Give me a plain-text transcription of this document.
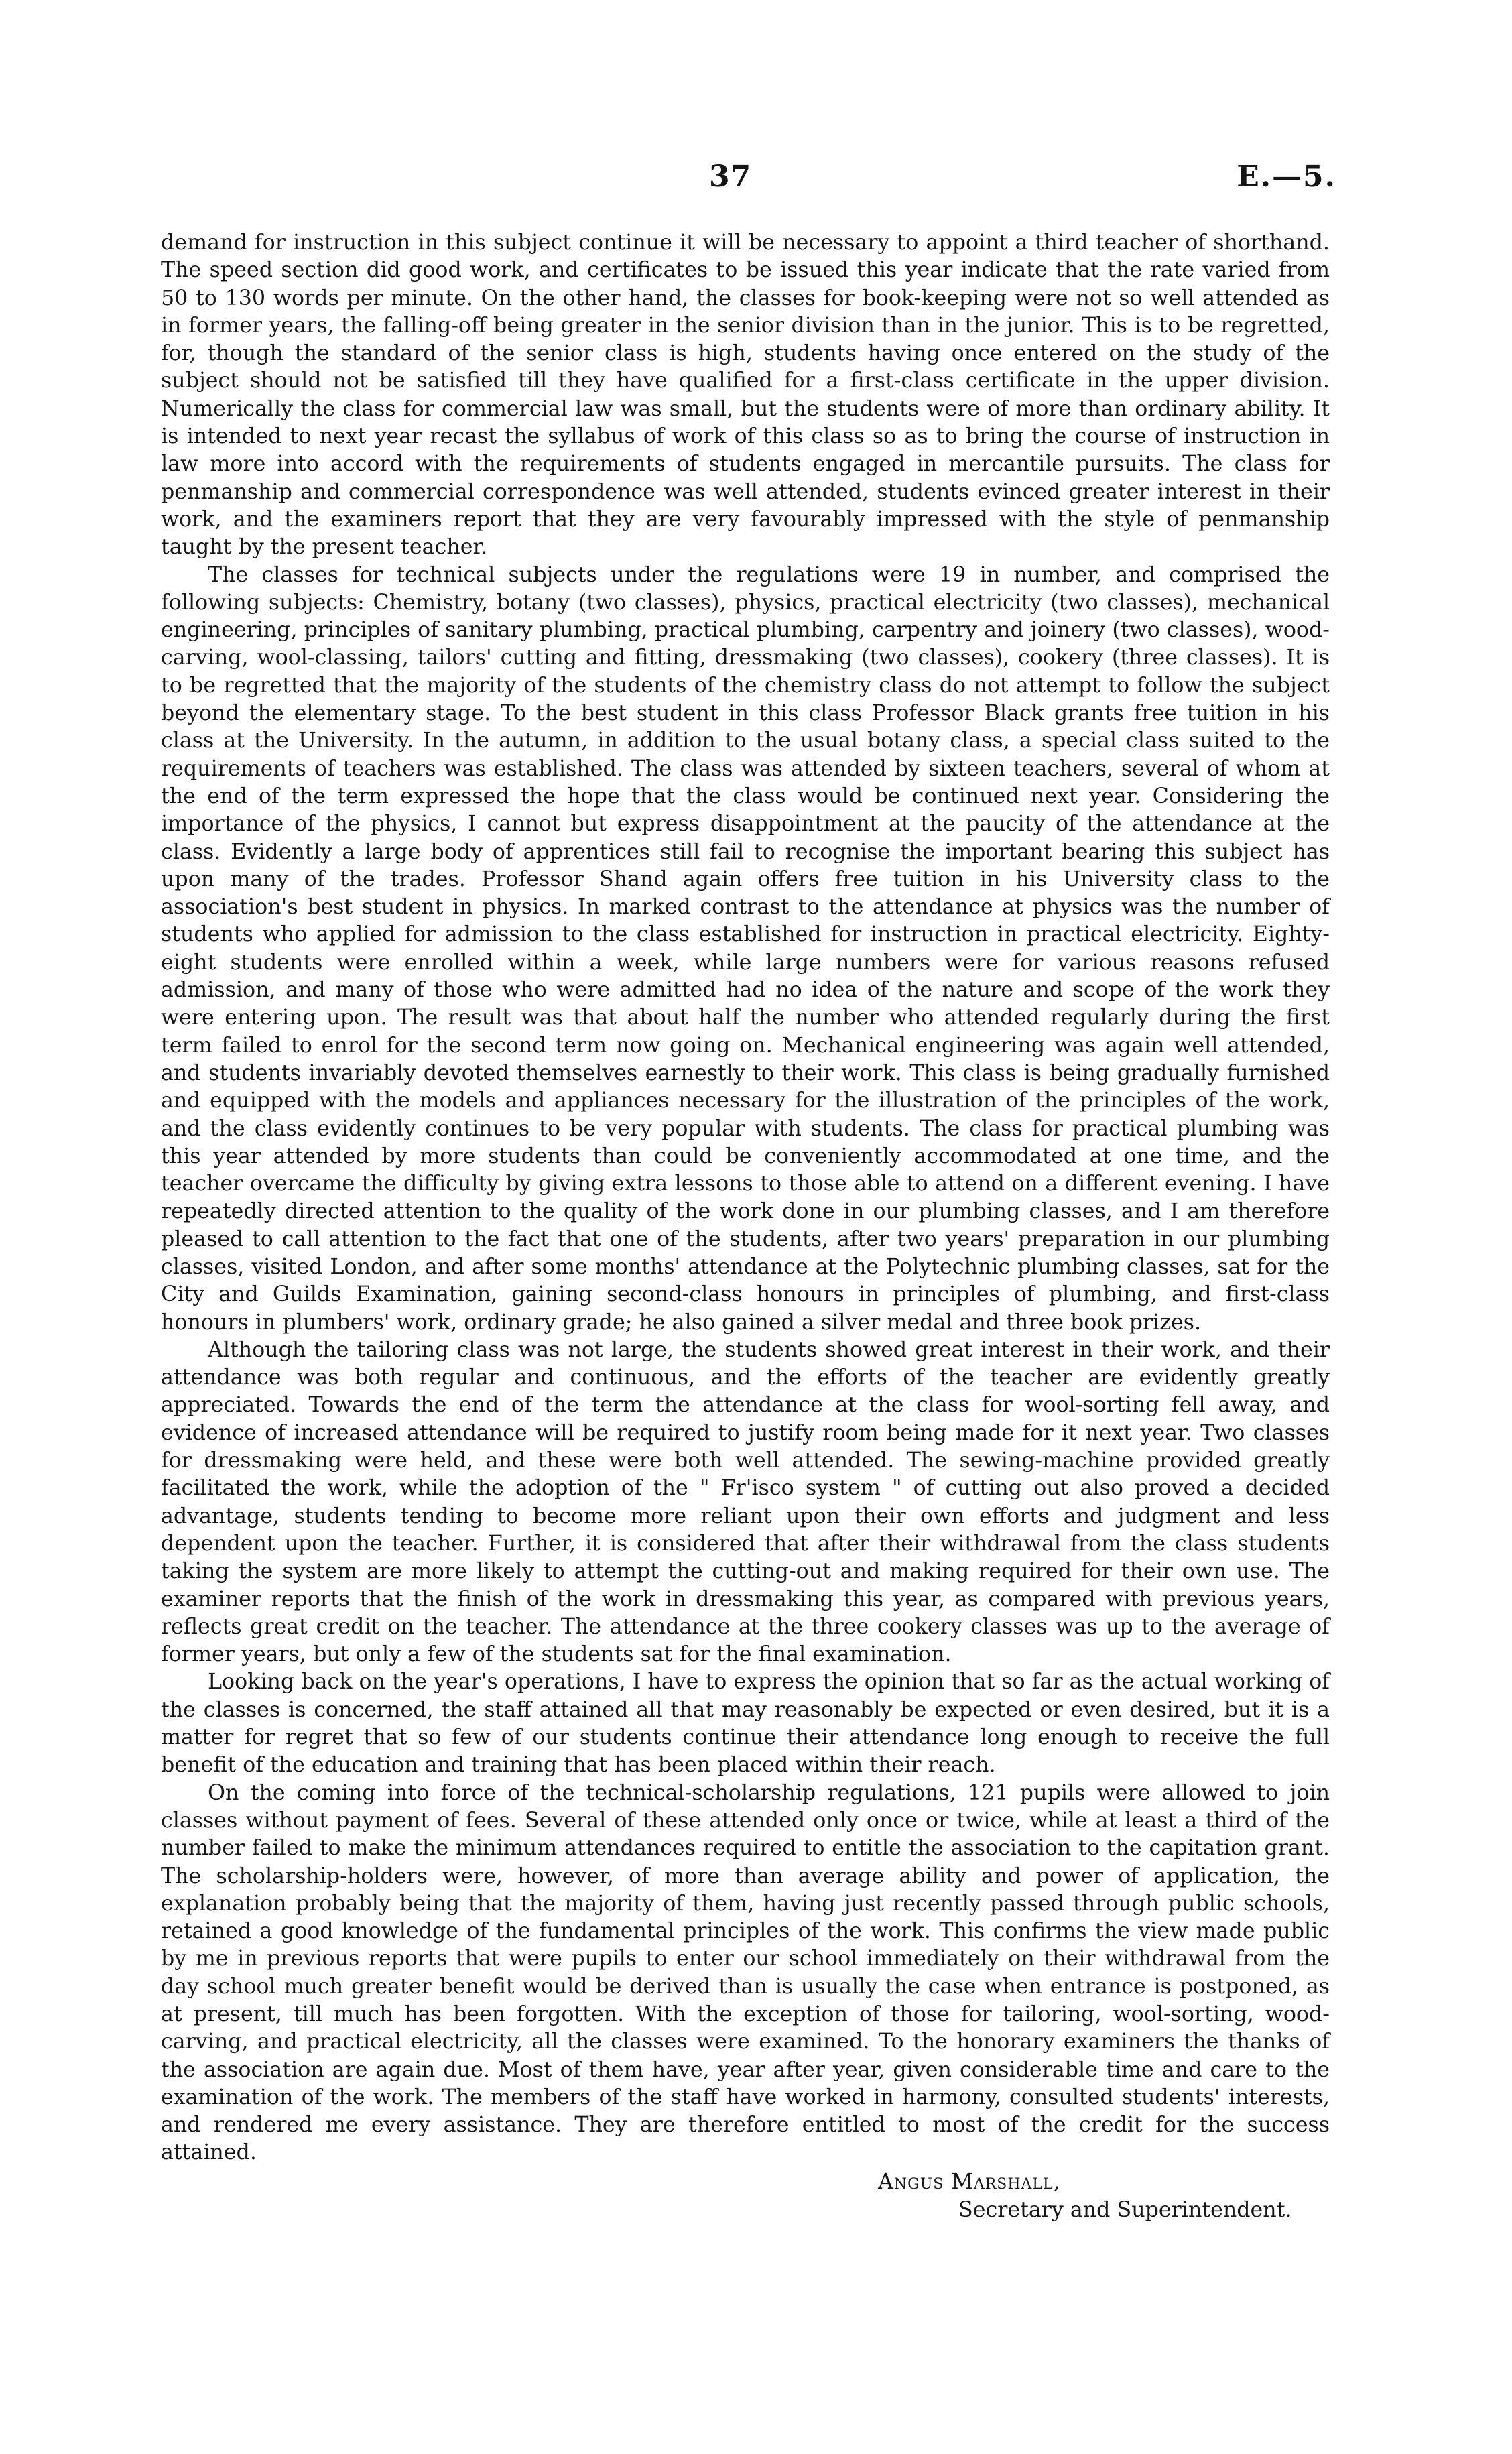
37	E.—5.

demand for instruction in this subject continue it will be necessary to appoint a third teacher of shorthand. The speed section did good work, and certificates to be issued this year indicate that the rate varied from 50 to 130 words per minute. On the other hand, the classes for book-keeping were not so well attended as in former years, the falling-off being greater in the senior division than in the junior. This is to be regretted, for, though the standard of the senior class is high, students having once entered on the study of the subject should not be satisfied till they have qualified for a first-class certificate in the upper division. Numerically the class for commercial law was small, but the students were of more than ordinary ability. It is intended to next year recast the syllabus of work of this class so as to bring the course of instruction in law more into accord with the requirements of students engaged in mercantile pursuits. The class for penmanship and commercial correspondence was well attended, students evinced greater interest in their work, and the examiners report that they are very favourably impressed with the style of penmanship taught by the present teacher.

The classes for technical subjects under the regulations were 19 in number, and comprised the following subjects: Chemistry, botany (two classes), physics, practical electricity (two classes), mechanical engineering, principles of sanitary plumbing, practical plumbing, carpentry and joinery (two classes), wood-carving, wool-classing, tailors' cutting and fitting, dressmaking (two classes), cookery (three classes). It is to be regretted that the majority of the students of the chemistry class do not attempt to follow the subject beyond the elementary stage. To the best student in this class Professor Black grants free tuition in his class at the University. In the autumn, in addition to the usual botany class, a special class suited to the requirements of teachers was established. The class was attended by sixteen teachers, several of whom at the end of the term expressed the hope that the class would be continued next year. Considering the importance of the physics, I cannot but express disappointment at the paucity of the attendance at the class. Evidently a large body of apprentices still fail to recognise the important bearing this subject has upon many of the trades. Professor Shand again offers free tuition in his University class to the association's best student in physics. In marked contrast to the attendance at physics was the number of students who applied for admission to the class established for instruction in practical electricity. Eighty-eight students were enrolled within a week, while large numbers were for various reasons refused admission, and many of those who were admitted had no idea of the nature and scope of the work they were entering upon. The result was that about half the number who attended regularly during the first term failed to enrol for the second term now going on. Mechanical engineering was again well attended, and students invariably devoted themselves earnestly to their work. This class is being gradually furnished and equipped with the models and appliances necessary for the illustration of the principles of the work, and the class evidently continues to be very popular with students. The class for practical plumbing was this year attended by more students than could be conveniently accommodated at one time, and the teacher overcame the difficulty by giving extra lessons to those able to attend on a different evening. I have repeatedly directed attention to the quality of the work done in our plumbing classes, and I am therefore pleased to call attention to the fact that one of the students, after two years' preparation in our plumbing classes, visited London, and after some months' attendance at the Polytechnic plumbing classes, sat for the City and Guilds Examination, gaining second-class honours in principles of plumbing, and first-class honours in plumbers' work, ordinary grade; he also gained a silver medal and three book prizes.

Although the tailoring class was not large, the students showed great interest in their work, and their attendance was both regular and continuous, and the efforts of the teacher are evidently greatly appreciated. Towards the end of the term the attendance at the class for wool-sorting fell away, and evidence of increased attendance will be required to justify room being made for it next year. Two classes for dressmaking were held, and these were both well attended. The sewing-machine provided greatly facilitated the work, while the adoption of the " Fr'isco system " of cutting out also proved a decided advantage, students tending to become more reliant upon their own efforts and judgment and less dependent upon the teacher. Further, it is considered that after their withdrawal from the class students taking the system are more likely to attempt the cutting-out and making required for their own use. The examiner reports that the finish of the work in dressmaking this year, as compared with previous years, reflects great credit on the teacher. The attendance at the three cookery classes was up to the average of former years, but only a few of the students sat for the final examination.

Looking back on the year's operations, I have to express the opinion that so far as the actual working of the classes is concerned, the staff attained all that may reasonably be expected or even desired, but it is a matter for regret that so few of our students continue their attendance long enough to receive the full benefit of the education and training that has been placed within their reach.

On the coming into force of the technical-scholarship regulations, 121 pupils were allowed to join classes without payment of fees. Several of these attended only once or twice, while at least a third of the number failed to make the minimum attendances required to entitle the association to the capitation grant. The scholarship-holders were, however, of more than average ability and power of application, the explanation probably being that the majority of them, having just recently passed through public schools, retained a good knowledge of the fundamental principles of the work. This confirms the view made public by me in previous reports that were pupils to enter our school immediately on their withdrawal from the day school much greater benefit would be derived than is usually the case when entrance is postponed, as at present, till much has been forgotten. With the exception of those for tailoring, wool-sorting, wood-carving, and practical electricity, all the classes were examined. To the honorary examiners the thanks of the association are again due. Most of them have, year after year, given considerable time and care to the examination of the work. The members of the staff have worked in harmony, consulted students' interests, and rendered me every assistance. They are therefore entitled to most of the credit for the success attained.

Angus Marshall,
Secretary and Superintendent.
